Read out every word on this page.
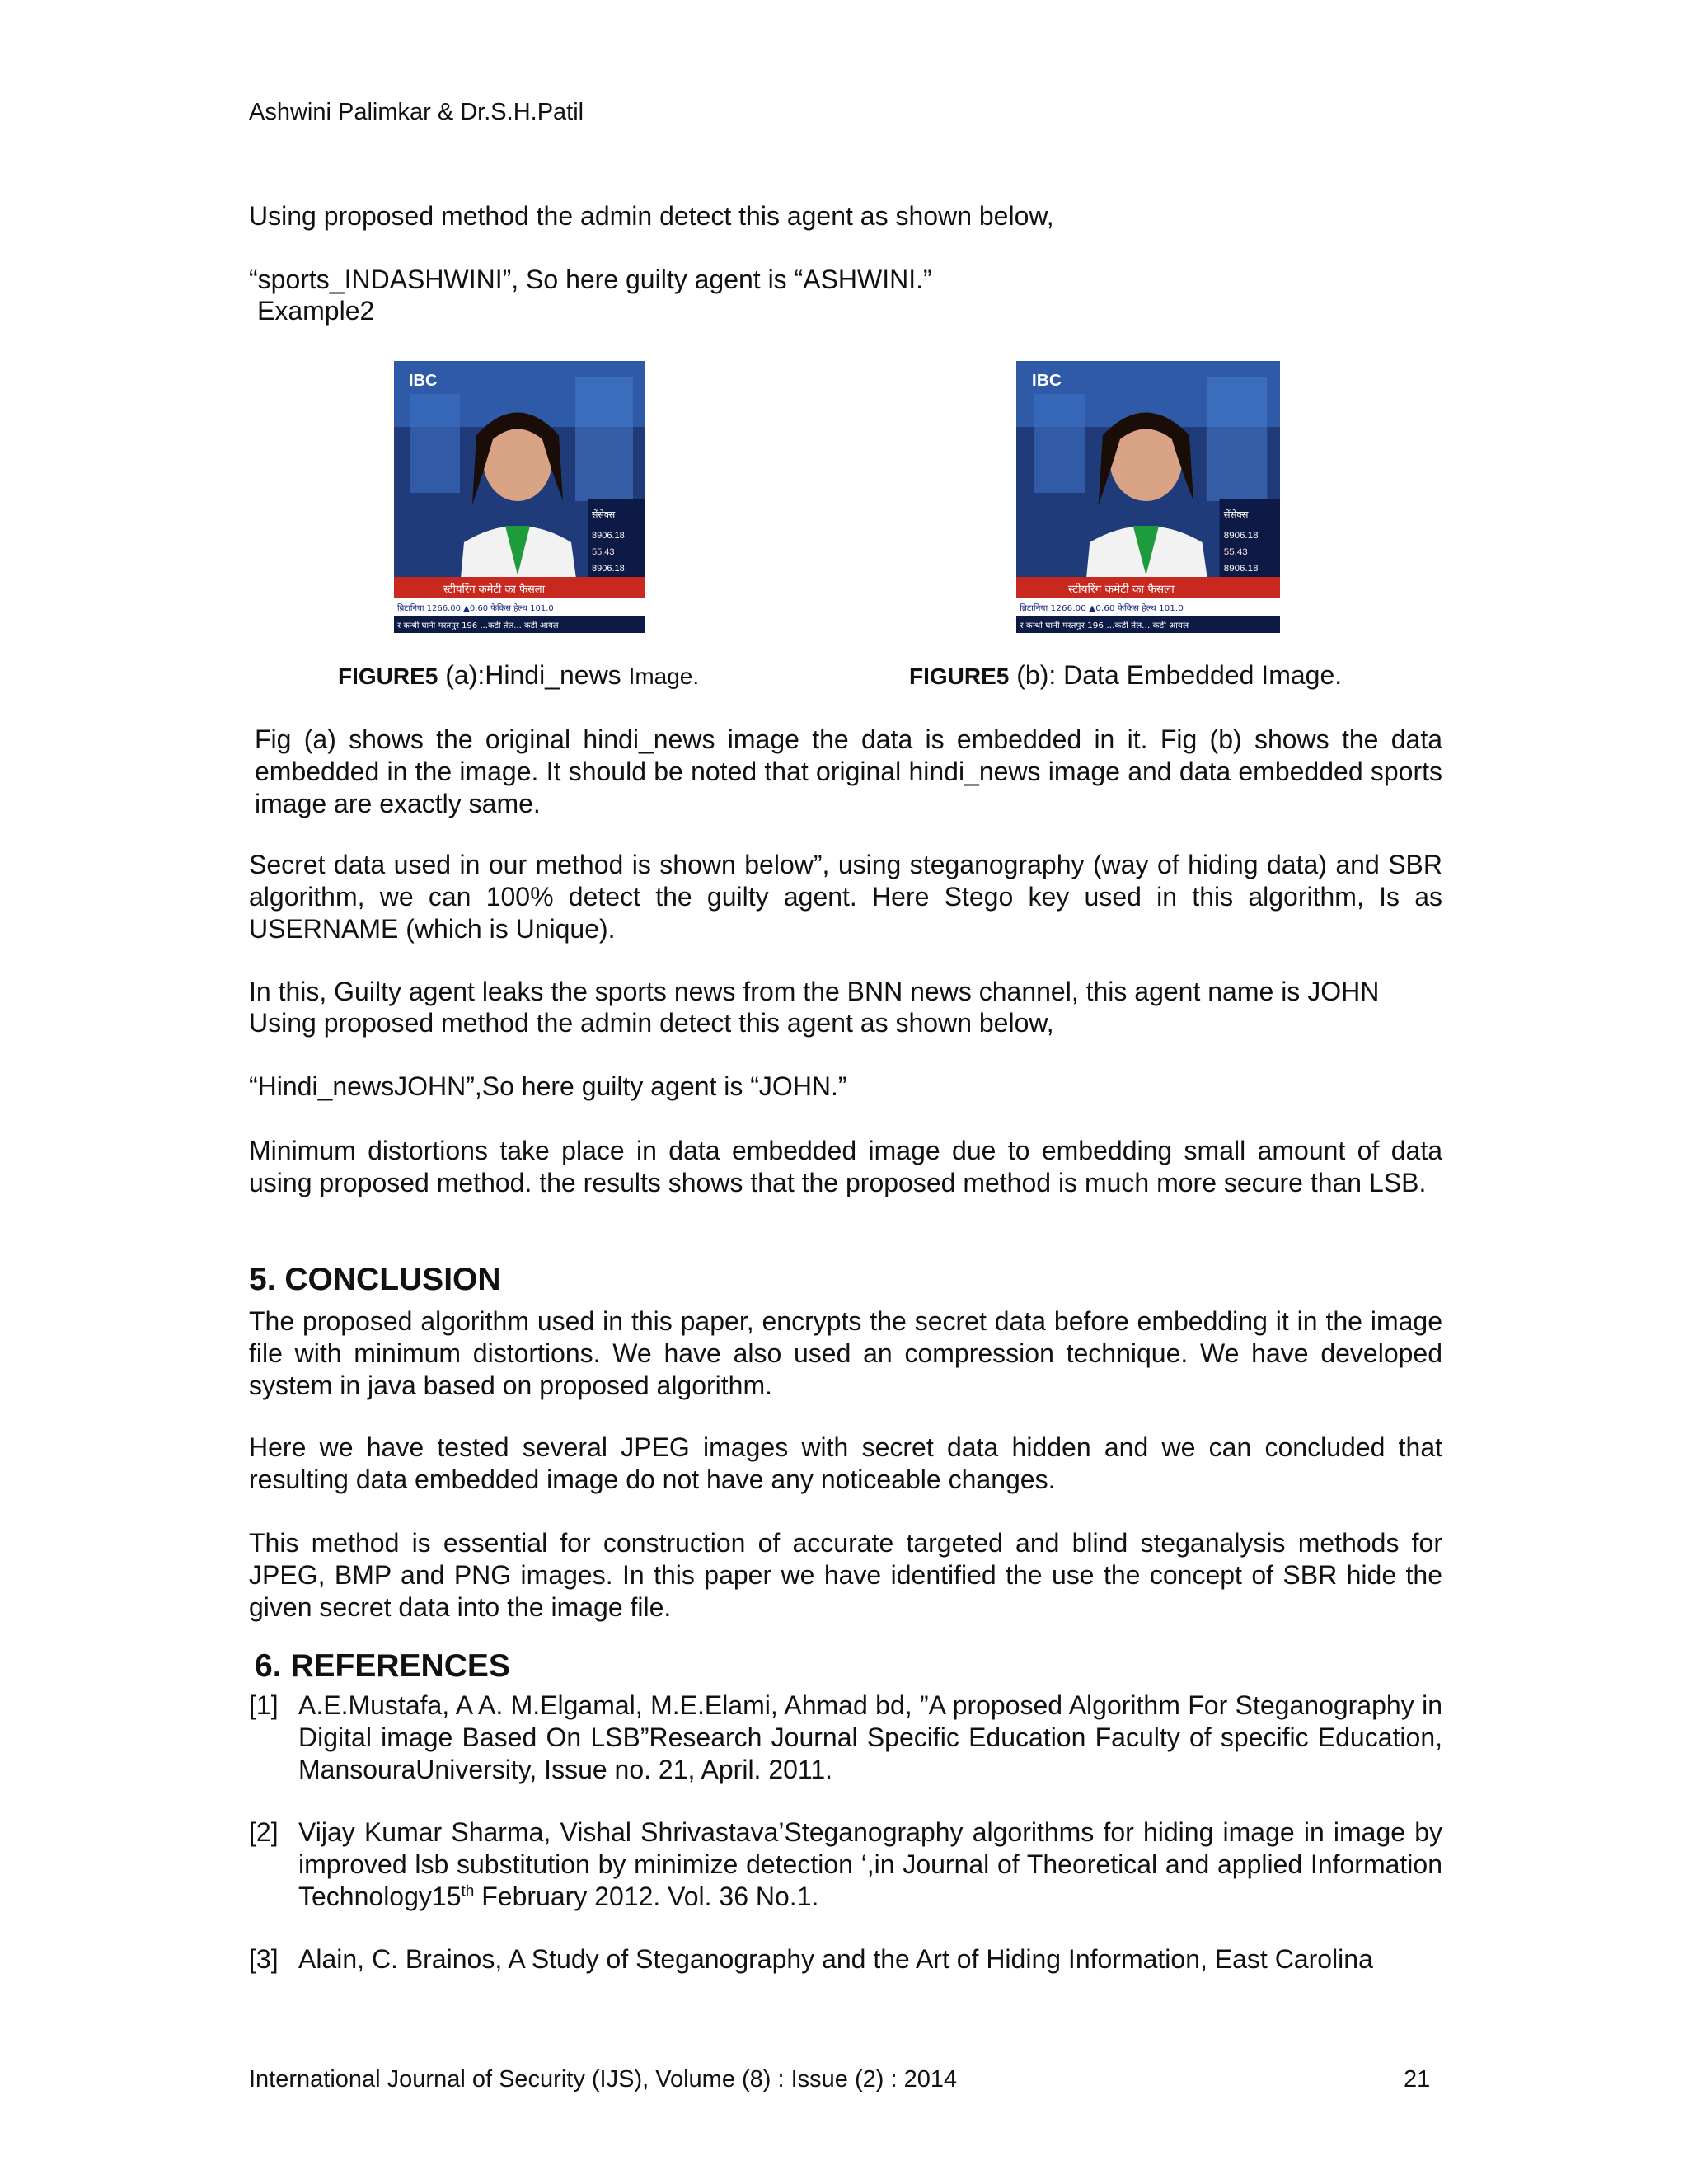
Ashwini Palimkar & Dr.S.H.Patil

Using proposed method the admin detect this agent as shown below,

“sports_INDASHWINI”, So here guilty agent is “ASHWINI.”

Example2

IBC
सेंसेक्स
8906.18
55.43
8906.18
स्टीयरिंग कमेटी का फैसला
ब्रिटानिया 1266.00 ▲0.60 फेकिस हेल्थ 101.0
र कन्धी घानी मरतपुर 196 ...कडी तेल... कडी आयल
IBC
सेंसेक्स
8906.18
55.43
8906.18
स्टीयरिंग कमेटी का फैसला
ब्रिटानिया 1266.00 ▲0.60 फेकिस हेल्थ 101.0
र कन्धी घानी मरतपुर 196 ...कडी तेल... कडी आयल
FIGURE5 (a):Hindi_news Image.	FIGURE5 (b): Data Embedded Image.

Fig (a) shows the original hindi_news image the data is embedded in it. Fig (b) shows the data embedded in the image. It should be noted that original hindi_news image and data embedded sports image are exactly same.

Secret data used in our method is shown below”, using steganography (way of hiding data) and SBR algorithm, we can 100% detect the guilty agent. Here Stego key used in this algorithm, Is as USERNAME (which is Unique).

In this, Guilty agent leaks the sports news from the BNN news channel, this agent name is JOHN

Using proposed method the admin detect this agent as shown below,

“Hindi_newsJOHN”,So here guilty agent is “JOHN.”

Minimum distortions take place in data embedded image due to embedding small amount of data using proposed method. the results shows that the proposed method is much more secure than LSB.

5. CONCLUSION

The proposed algorithm used in this paper, encrypts the secret data before embedding it in the image file with minimum distortions. We have also used an compression technique. We have developed system in java based on proposed algorithm.

Here we have tested several JPEG images with secret data hidden and we can concluded that resulting data embedded image do not have any noticeable changes.

This method is essential for construction of accurate targeted and blind steganalysis methods for JPEG, BMP and PNG images. In this paper we have identified the use the concept of SBR hide the given secret data into the image file.

6. REFERENCES
[1] A.E.Mustafa, A A. M.Elgamal, M.E.Elami, Ahmad bd, ”A proposed Algorithm For Steganography in Digital image Based On LSB”Research Journal Specific Education Faculty of specific Education, MansouraUniversity, Issue no. 21, April. 2011.
[2] Vijay Kumar Sharma, Vishal Shrivastava’Steganography algorithms for hiding image in image by improved lsb substitution by minimize detection ‘,in Journal of Theoretical and applied Information Technology15th February 2012. Vol. 36 No.1.
[3] Alain, C. Brainos, A Study of Steganography and the Art of Hiding Information, East Carolina
International Journal of Security (IJS), Volume (8) : Issue (2) : 2014	21
